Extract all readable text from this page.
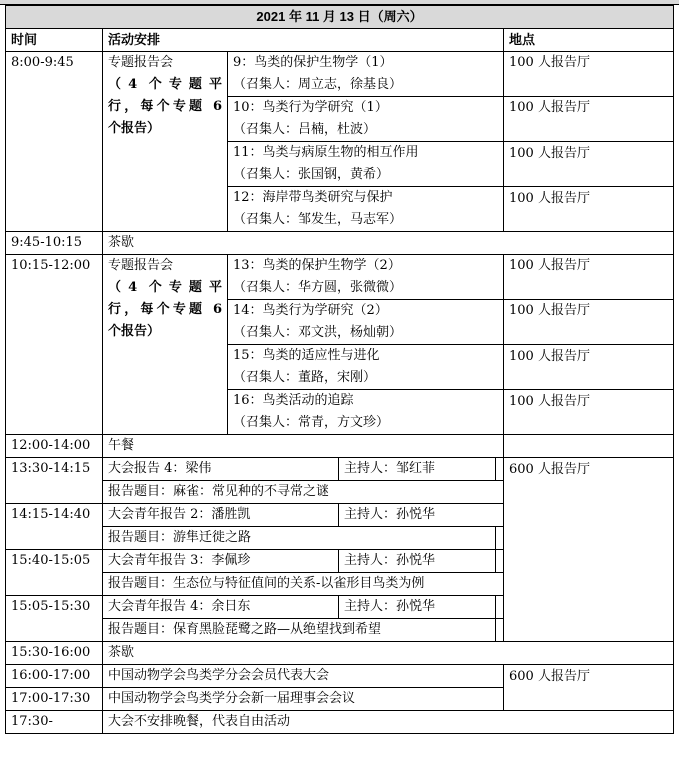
2021 年 11 月 13 日（周六）					
时间	活动安排				地点
8:00-9:45	专题报告会
（4 个专题平
行，每个专题 6
个报告）	9：鸟类的保护生物学（1）
（召集人：周立志，徐基良）			100 人报告厅

		10：鸟类行为学研究（1）
（召集人：吕楠，杜波）			100 人报告厅

		11：鸟类与病原生物的相互作用
（召集人：张国钢，黄希）			100 人报告厅

		12：海岸带鸟类研究与保护
（召集人：邹发生，马志军）			100 人报告厅

9:45-10:15	茶歇				
10:15-12:00	专题报告会
（4 个专题平
行，每个专题 6
个报告）	13：鸟类的保护生物学（2）
（召集人：华方圆，张微微）			100 人报告厅

		14：鸟类行为学研究（2）
（召集人：邓文洪，杨灿朝）			100 人报告厅

		15：鸟类的适应性与进化
（召集人：董路，宋刚）			100 人报告厅

		16：鸟类活动的追踪
（召集人：常青，方文珍）			100 人报告厅

12:00-14:00	午餐				
13:30-14:15	大会报告 4：梁伟		主持人：邹红菲		600 人报告厅
	报告题目：麻雀：常见种的不寻常之谜				
14:15-14:40	大会青年报告 2：潘胜凯		主持人：孙悦华		
	报告题目：游隼迁徙之路				
15:40-15:05	大会青年报告 3：李佩珍		主持人：孙悦华		
	报告题目：生态位与特征值间的关系-以雀形目鸟类为例				
15:05-15:30	大会青年报告 4：余日东		主持人：孙悦华		
	报告题目：保育黑脸琵鹭之路—从绝望找到希望				
15:30-16:00	茶歇				
16:00-17:00	中国动物学会鸟类学分会会员代表大会				600 人报告厅
17:00-17:30	中国动物学会鸟类学分会新一届理事会会议				
17:30-	大会不安排晚餐，代表自由活动				
